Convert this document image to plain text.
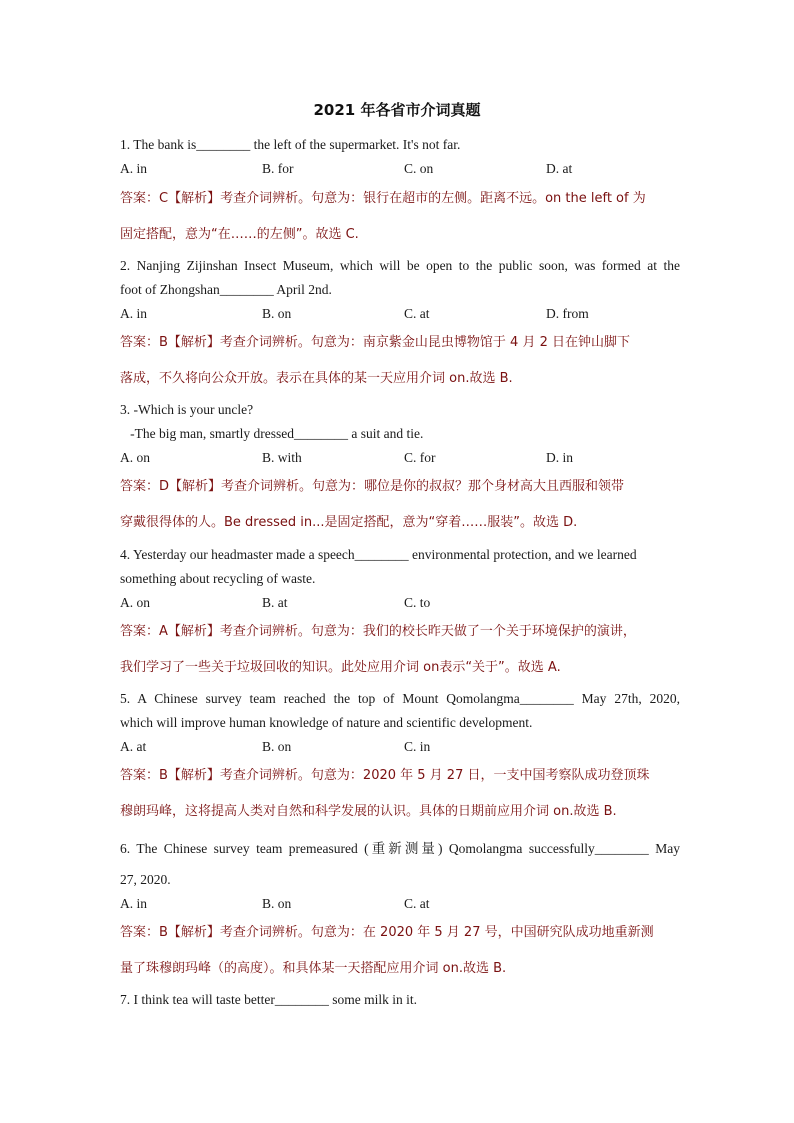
2021 年各省市介词真题
1. The bank is________ the left of the supermarket. It's not far.
A. in	B. for	C. on	D. at
答案：C【解析】考查介词辨析。句意为：银行在超市的左侧。距离不远。on the left of 为
固定搭配，意为“在……的左侧”。故选 C.
2. Nanjing Zijinshan Insect Museum, which will be open to the public soon, was formed at the
foot of Zhongshan________ April 2nd.
A. in	B. on	C. at	D. from
答案：B【解析】考查介词辨析。句意为：南京紫金山昆虫博物馆于 4 月 2 日在钟山脚下
落成，不久将向公众开放。表示在具体的某一天应用介词 on.故选 B.
3. -Which is your uncle?
-The big man, smartly dressed________ a suit and tie.
A. on	B. with	C. for	D. in
答案：D【解析】考查介词辨析。句意为：哪位是你的叔叔？那个身材高大且西服和领带
穿戴很得体的人。Be dressed in...是固定搭配，意为“穿着……服装”。故选 D.
4. Yesterday our headmaster made a speech________ environmental protection, and we learned
something about recycling of waste.
A. on	B. at	C. to
答案：A【解析】考查介词辨析。句意为：我们的校长昨天做了一个关于环境保护的演讲，
我们学习了一些关于垃圾回收的知识。此处应用介词 on表示“关于”。故选 A.
5. A Chinese survey team reached the top of Mount Qomolangma________ May 27th, 2020,
which will improve human knowledge of nature and scientific development.
A. at	B. on	C. in
答案：B【解析】考查介词辨析。句意为：2020 年 5 月 27 日，一支中国考察队成功登顶珠
穆朗玛峰，这将提高人类对自然和科学发展的认识。具体的日期前应用介词 on.故选 B.
6. The Chinese survey team premeasured (重新测量) Qomolangma successfully________ May
27, 2020.
A. in	B. on	C. at
答案：B【解析】考查介词辨析。句意为：在 2020 年 5 月 27 号，中国研究队成功地重新测
量了珠穆朗玛峰（的高度）。和具体某一天搭配应用介词 on.故选 B.
7. I think tea will taste better________ some milk in it.
